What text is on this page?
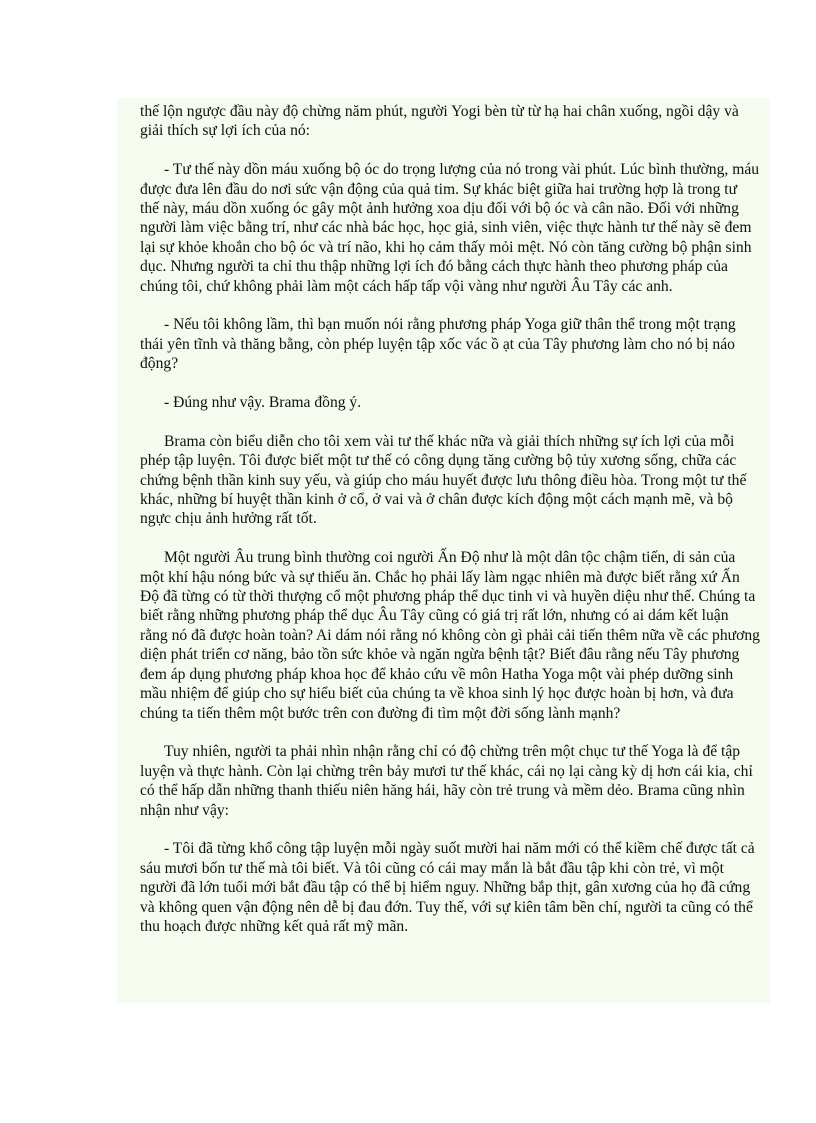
thế lộn ngược đầu này độ chừng năm phút, người Yogi bèn từ từ hạ hai chân xuống, ngồi dậy và giải thích sự lợi ích của nó:

- Tư thế này dồn máu xuống bộ óc do trọng lượng của nó trong vài phút. Lúc bình thường, máu được đưa lên đầu do nơi sức vận động của quả tim. Sự khác biệt giữa hai trường hợp là trong tư thế này, máu dồn xuống óc gây một ảnh hưởng xoa dịu đối với bộ óc và cân não. Đối với những người làm việc bằng trí, như các nhà bác học, học giả, sinh viên, việc thực hành tư thế này sẽ đem lại sự khỏe khoắn cho bộ óc và trí não, khi họ cảm thấy mỏi mệt. Nó còn tăng cường bộ phận sinh dục. Nhưng người ta chỉ thu thập những lợi ích đó bằng cách thực hành theo phương pháp của chúng tôi, chứ không phải làm một cách hấp tấp vội vàng như người Âu Tây các anh.

- Nếu tôi không lầm, thì bạn muốn nói rằng phương pháp Yoga giữ thân thể trong một trạng thái yên tĩnh và thăng bằng, còn phép luyện tập xốc vác ồ ạt của Tây phương làm cho nó bị náo động?

- Đúng như vậy. Brama đồng ý.

Brama còn biểu diễn cho tôi xem vài tư thế khác nữa và giải thích những sự ích lợi của mỗi phép tập luyện. Tôi được biết một tư thế có công dụng tăng cường bộ tủy xương sống, chữa các chứng bệnh thần kinh suy yếu, và giúp cho máu huyết được lưu thông điều hòa. Trong một tư thế khác, những bí huyệt thần kinh ở cổ, ở vai và ở chân được kích động một cách mạnh mẽ, và bộ ngực chịu ảnh hưởng rất tốt.

Một người Âu trung bình thường coi người Ấn Độ như là một dân tộc chậm tiến, di sản của một khí hậu nóng bức và sự thiếu ăn. Chắc họ phải lấy làm ngạc nhiên mà được biết rằng xứ Ấn Độ đã từng có từ thời thượng cổ một phương pháp thể dục tinh vi và huyền diệu như thế. Chúng ta biết rằng những phương pháp thể dục Âu Tây cũng có giá trị rất lớn, nhưng có ai dám kết luận rằng nó đã được hoàn toàn? Ai dám nói rằng nó không còn gì phải cải tiến thêm nữa về các phương diện phát triển cơ năng, bảo tồn sức khỏe và ngăn ngừa bệnh tật? Biết đâu rằng nếu Tây phương đem áp dụng phương pháp khoa học để khảo cứu về môn Hatha Yoga một vài phép dưỡng sinh mầu nhiệm để giúp cho sự hiểu biết của chúng ta về khoa sinh lý học được hoàn bị hơn, và đưa chúng ta tiến thêm một bước trên con đường đi tìm một đời sống lành mạnh?

Tuy nhiên, người ta phải nhìn nhận rằng chỉ có độ chừng trên một chục tư thế Yoga là để tập luyện và thực hành. Còn lại chừng trên bảy mươi tư thế khác, cái nọ lại càng kỳ dị hơn cái kia, chỉ có thể hấp dẫn những thanh thiếu niên hăng hái, hãy còn trẻ trung và mềm dẻo. Brama cũng nhìn nhận như vậy:

- Tôi đã từng khổ công tập luyện mỗi ngày suốt mười hai năm mới có thể kiềm chế được tất cả sáu mươi bốn tư thế mà tôi biết. Và tôi cũng có cái may mắn là bắt đầu tập khi còn trẻ, vì một người đã lớn tuổi mới bắt đầu tập có thể bị hiểm nguy. Những bắp thịt, gân xương của họ đã cứng và không quen vận động nên dễ bị đau đớn. Tuy thế, với sự kiên tâm bền chí, người ta cũng có thể thu hoạch được những kết quả rất mỹ mãn.
